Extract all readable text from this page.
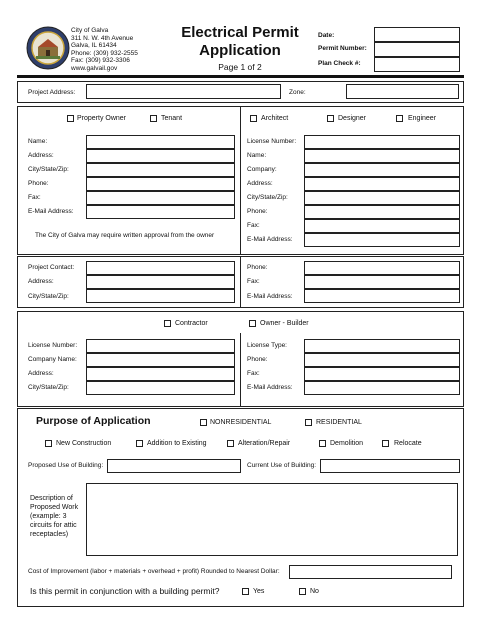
City of Galva
311 N. W. 4th Avenue
Galva, IL 61434
Phone: (309) 932-2555
Fax: (309) 932-3306
www.galvail.gov
Electrical Permit
Application
Page 1 of 2
Date:
Permit Number:
Plan Check #:
Project Address:	Zone:
Property Owner	Tenant
Name:
Address:
City/State/Zip:
Phone:
Fax:
E-Mail Address:
The City of Galva may require written approval from the owner
Architect	Designer	Engineer
License Number:
Name:
Company:
Address:
City/State/Zip:
Phone:
Fax:
E-Mail Address:
Project Contact:
Address:
City/State/Zip:
Phone:
Fax:
E-Mail Address:
Contractor	Owner - Builder
License Number:
Company Name:
Address:
City/State/Zip:
License Type:
Phone:
Fax:
E-Mail Address:
Purpose of Application	NONRESIDENTIAL	RESIDENTIAL
New Construction	Addition to Existing	Alteration/Repair	Demolition	Relocate
Proposed Use of Building:	Current Use of Building:
Description of
Proposed Work
(example: 3
circuits for attic
receptacles)
Cost of Improvement (labor + materials + overhead + profit) Rounded to Nearest Dollar:
Is this permit in conjunction with a building permit?	Yes	No
